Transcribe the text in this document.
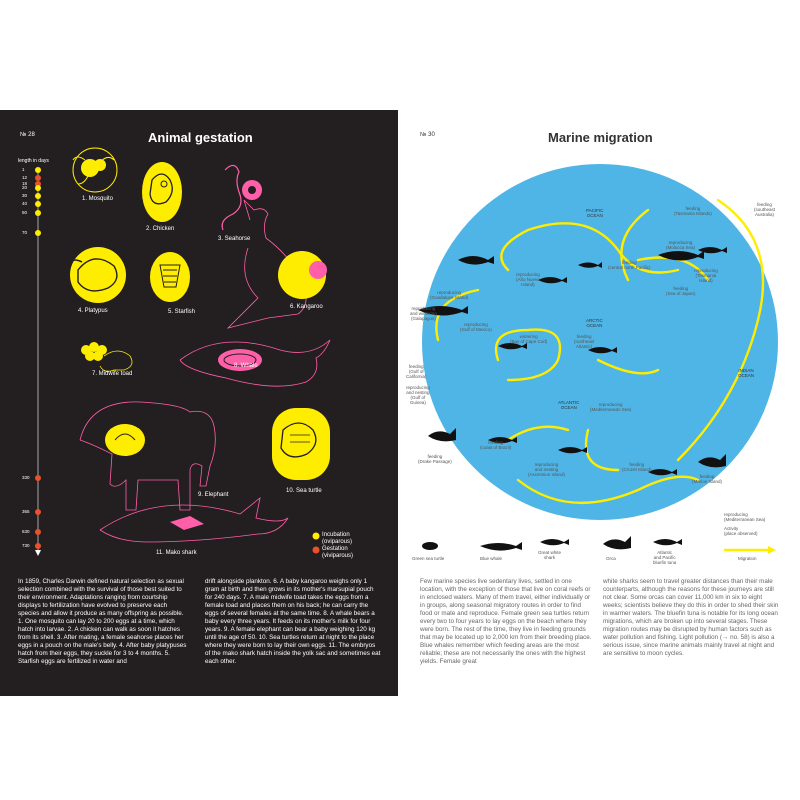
№ 28	Animal gestation
length in days
1
12
18
20
30
40
50
70
330
365
630
730
1. Mosquito
2. Chicken
3. Seahorse
4. Platypus	5. Starfish
6. Kangaroo
7. Midwife toad
8. Whale
9. Elephant
10. Sea turtle
11. Mako shark
Incubation
(oviparous)
Gestation
(viviparous)
In 1859, Charles Darwin defined natural selection as sexual selection combined with the survival of those best suited to their environment. Adaptations ranging from courtship displays to fertilization have evolved to preserve each species and allow it produce as many offspring as possible. 1. One mosquito can lay 20 to 200 eggs at a time, which hatch into larvae. 2. A chicken can walk as soon it hatches from its shell. 3. After mating, a female seahorse places her eggs in a pouch on the male's belly. 4. After baby platypuses hatch from their eggs, they suckle for 3 to 4 months. 5. Starfish eggs are fertilized in water and
drift alongside plankton. 6. A baby kangaroo weighs only 1 gram at birth and then grows in its mother's marsupial pouch for 240 days. 7. A male midwife toad takes the eggs from a female toad and places them on his back; he can carry the eggs of several females at the same time. 8. A whale bears a baby every three years. It feeds on its mother's milk for four years. 9. A female elephant can bear a baby weighing 120 kg until the age of 50. 10. Sea turtles return at night to the place where they were born to lay their own eggs. 11. The embryos of the mako shark hatch inside the yolk sac and sometimes eat each other.
№ 30	Marine migration
PACIFIC
OCEAN
ARCTIC
OCEAN
ATLANTIC
OCEAN
INDIAN
OCEAN
feeding
(Tasmania Islands)
feeding
(southeast
Australia)
reproducing
(Molucca Sea)
feeding
(central north Pacific)
reproducing
(Tasmania
Island)
feeding
(Sea of Japan)
reproducing
(Año Nuevo
Island)
reproducing
(Guadalupe Island)
reproducing
and wintering
(Galapagos)
reproducing
(Gulf of Mexico)
wintering
(Bay of Cape Cod)
feeding
(northeast
Atlantic)
feeding
(Gulf of
California)
reproducing
and nesting
(Gulf of
Guinea)	reproducing
(Mediterranean Sea)
feeding
(coast of Brazil)
feeding
(Drake Passage)
reproducing
and nesting
(Ascension Island)
feeding
(Crozet Island)
feeding
(Marion Island)
Green sea turtle	Blue whale
Great white
shark	Orca
Atlantic
and Pacific
bluefin tuna
reproducing
(Mediterranean Sea)
Activity
(place observed)
Migration
Few marine species live sedentary lives, settled in one location, with the exception of those that live on coral reefs or in enclosed waters. Many of them travel, either individually or in groups, along seasonal migratory routes in order to find food or mate and reproduce. Female green sea turtles return every two to four years to lay eggs on the beach where they were born. The rest of the time, they live in feeding grounds that may be located up to 2,000 km from their breeding place. Blue whales remember which feeding areas are the most reliable; these are not necessarily the ones with the highest yields. Female great
white sharks seem to travel greater distances than their male counterparts, although the reasons for these journeys are still not clear. Some orcas can cover 11,000 km in six to eight weeks; scientists believe they do this in order to shed their skin in warmer waters. The bluefin tuna is notable for its long ocean migrations, which are broken up into several stages. These migration routes may be disrupted by human factors such as water pollution and fishing. Light pollution (→ no. 58) is also a serious issue, since marine animals mainly travel at night and are sensitive to moon cycles.
